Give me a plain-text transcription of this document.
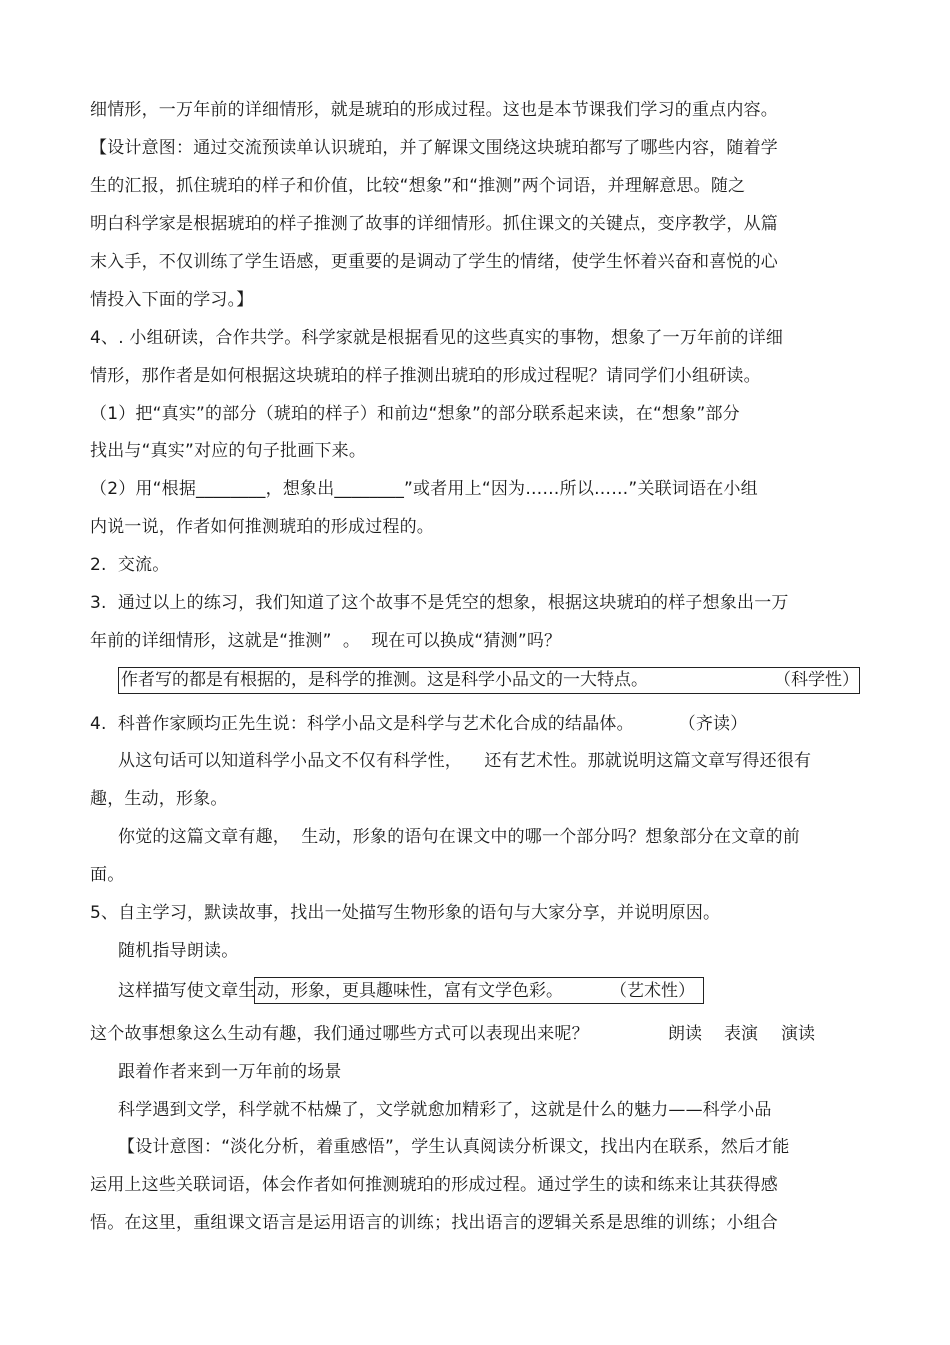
细情形，一万年前的详细情形，就是琥珀的形成过程。这也是本节课我们学习的重点内容。
【设计意图：通过交流预读单认识琥珀，并了解课文围绕这块琥珀都写了哪些内容，随着学
生的汇报，抓住琥珀的样子和价值，比较“想象”和“推测”两个词语，并理解意思。随之
明白科学家是根据琥珀的样子推测了故事的详细情形。抓住课文的关键点，变序教学，从篇
末入手，不仅训练了学生语感，更重要的是调动了学生的情绪，使学生怀着兴奋和喜悦的心
情投入下面的学习。】
4、. 小组研读，合作共学。科学家就是根据看见的这些真实的事物，想象了一万年前的详细
情形，那作者是如何根据这块琥珀的样子推测出琥珀的形成过程呢？请同学们小组研读。
（1）把“真实”的部分（琥珀的样子）和前边“想象”的部分联系起来读，在“想象”部分
找出与“真实”对应的句子批画下来。
（2）用“根据________，想象出________”或者用上“因为……所以……”关联词语在小组
内说一说，作者如何推测琥珀的形成过程的。
2.  交流。
3.  通过以上的练习，我们知道了这个故事不是凭空的想象，根据这块琥珀的样子想象出一万
年前的详细情形，这就是“推测”  。  现在可以换成“猜测”吗？
作者写的都是有根据的，是科学的推测。这是科学小品文的一大特点。	（科学性）
4.  科普作家顾均正先生说：科学小品文是科学与艺术化合成的结晶体。        （齐读）
从这句话可以知道科学小品文不仅有科学性，    还有艺术性。那就说明这篇文章写得还很有
趣，生动，形象。
你觉的这篇文章有趣，  生动，形象的语句在课文中的哪一个部分吗？想象部分在文章的前
面。
5、自主学习，默读故事，找出一处描写生物形象的语句与大家分享，并说明原因。
随机指导朗读。
这样描写使文章生 动，形象，更具趣味性，富有文学色彩。	（艺术性）
这个故事想象这么生动有趣，我们通过哪些方式可以表现出来呢？	朗读 表演 演读
跟着作者来到一万年前的场景
科学遇到文学，科学就不枯燥了，文学就愈加精彩了，这就是什么的魅力——科学小品
【设计意图：“淡化分析，着重感悟”，学生认真阅读分析课文，找出内在联系，然后才能
运用上这些关联词语，体会作者如何推测琥珀的形成过程。通过学生的读和练来让其获得感
悟。在这里，重组课文语言是运用语言的训练；找出语言的逻辑关系是思维的训练；小组合
